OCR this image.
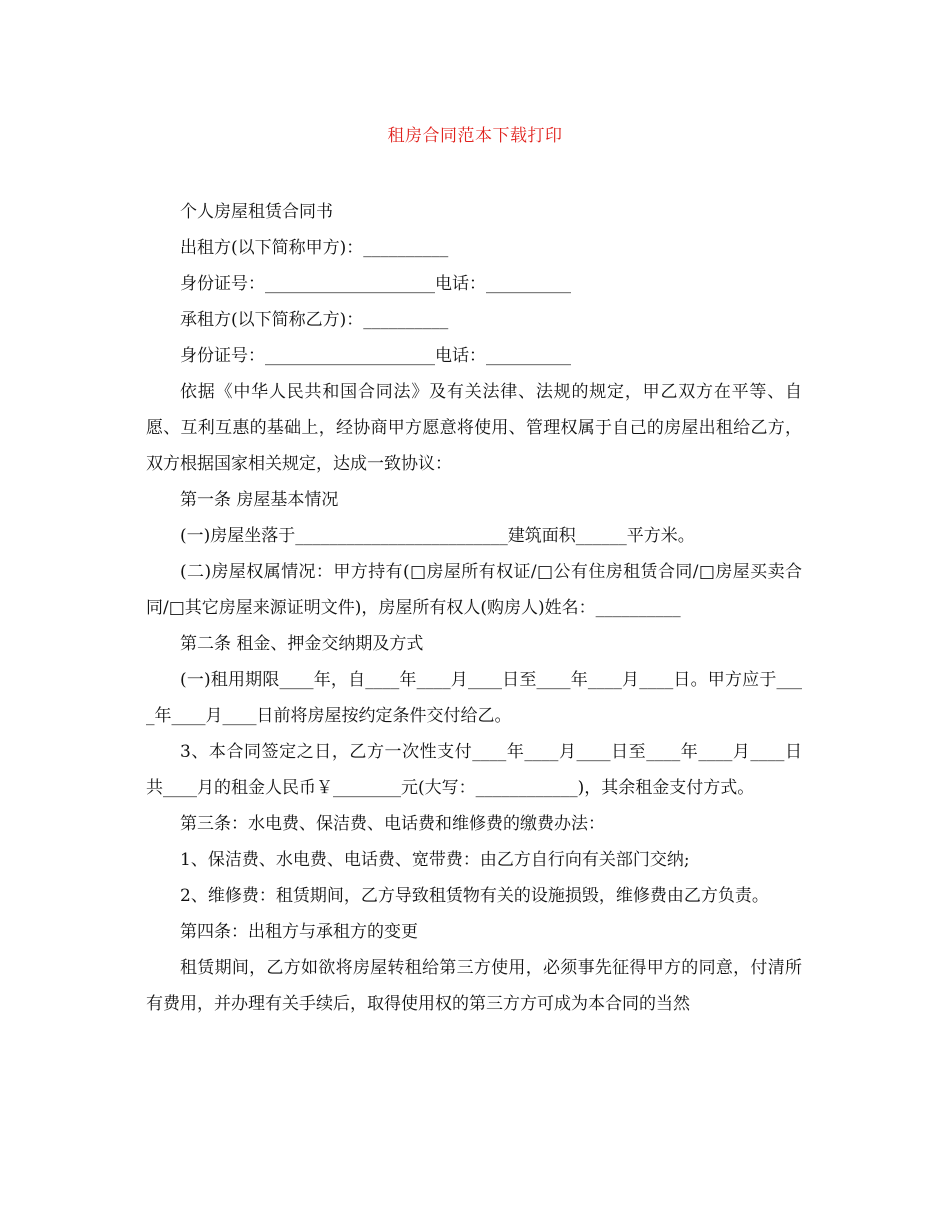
租房合同范本下载打印

个人房屋租赁合同书

出租方(以下简称甲方)：__________

身份证号：____________________电话：__________

承租方(以下简称乙方)：__________

身份证号：____________________电话：__________

依据《中华人民共和国合同法》及有关法律、法规的规定，甲乙双方在平等、自愿、互利互惠的基础上，经协商甲方愿意将使用、管理权属于自己的房屋出租给乙方，双方根据国家相关规定，达成一致协议：

第一条 房屋基本情况

(一)房屋坐落于_________________________建筑面积______平方米。

(二)房屋权属情况：甲方持有(□房屋所有权证/□公有住房租赁合同/□房屋买卖合同/□其它房屋来源证明文件)，房屋所有权人(购房人)姓名：__________

第二条 租金、押金交纳期及方式

(一)租用期限____年，自____年____月____日至____年____月____日。甲方应于____年____月____日前将房屋按约定条件交付给乙。

3、本合同签定之日，乙方一次性支付____年____月____日至____年____月____日共____月的租金人民币￥________元(大写：____________)，其余租金支付方式。

第三条：水电费、保洁费、电话费和维修费的缴费办法：

1、保洁费、水电费、电话费、宽带费：由乙方自行向有关部门交纳;

2、维修费：租赁期间，乙方导致租赁物有关的设施损毁，维修费由乙方负责。

第四条：出租方与承租方的变更

租赁期间，乙方如欲将房屋转租给第三方使用，必须事先征得甲方的同意，付清所有费用，并办理有关手续后，取得使用权的第三方方可成为本合同的当然
